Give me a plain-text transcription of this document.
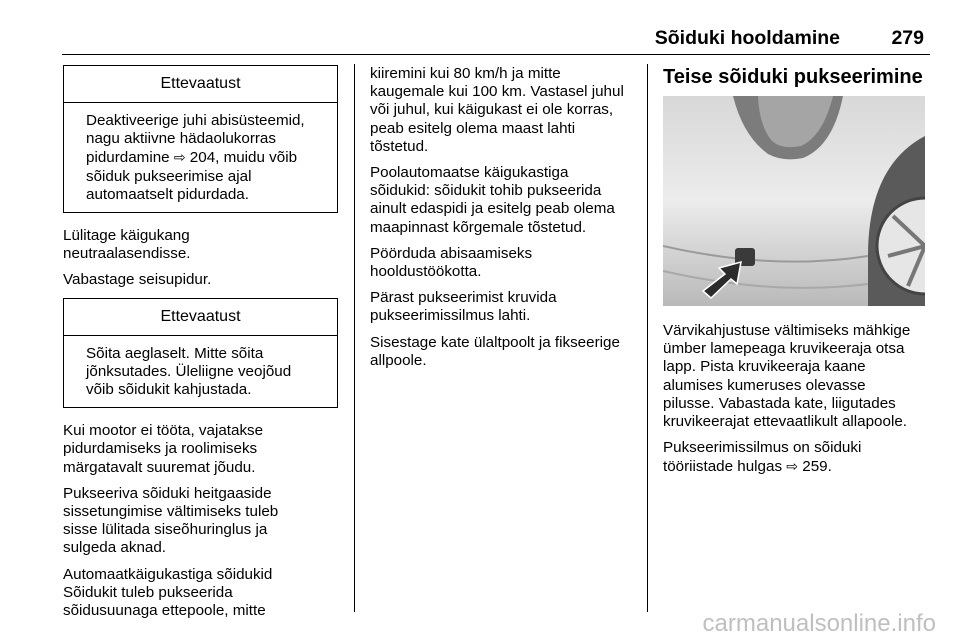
Sõiduki hooldamine	279
Ettevaatust
Deaktiveerige juhi abisüsteemid,
nagu aktiivne hädaolukorras
pidurdamine ⇨ 204, muidu võib
sõiduk pukseerimise ajal
automaatselt pidurdada.

Lülitage käigukang
neutraalasendisse.

Vabastage seisupidur.

Ettevaatust
Sõita aeglaselt. Mitte sõita
jõnksutades. Üleliigne veojõud
võib sõidukit kahjustada.

Kui mootor ei tööta, vajatakse
pidurdamiseks ja roolimiseks
märgatavalt suuremat jõudu.

Pukseeriva sõiduki heitgaaside
sissetungimise vältimiseks tuleb
sisse lülitada siseõhuringlus ja
sulgeda aknad.

Automaatkäigukastiga sõidukid
Sõidukit tuleb pukseerida
sõidusuunaga ettepoole, mitte

kiiremini kui 80 km/h ja mitte
kaugemale kui 100 km. Vastasel juhul
või juhul, kui käigukast ei ole korras,
peab esitelg olema maast lahti
tõstetud.

Poolautomaatse käigukastiga
sõidukid: sõidukit tohib pukseerida
ainult edaspidi ja esitelg peab olema
maapinnast kõrgemale tõstetud.

Pöörduda abisaamiseks
hooldustöökotta.

Pärast pukseerimist kruvida
pukseerimissilmus lahti.

Sisestage kate ülaltpoolt ja fikseerige
allpoole.

Teise sõiduki pukseerimine

Värvikahjustuse vältimiseks mähkige
ümber lamepeaga kruvikeeraja otsa
lapp. Pista kruvikeeraja kaane
alumises kumeruses olevasse
pilusse. Vabastada kate, liigutades
kruvikeerajat ettevaatlikult allapoole.

Pukseerimissilmus on sõiduki
tööriistade hulgas ⇨ 259.

carmanualsonline.info
